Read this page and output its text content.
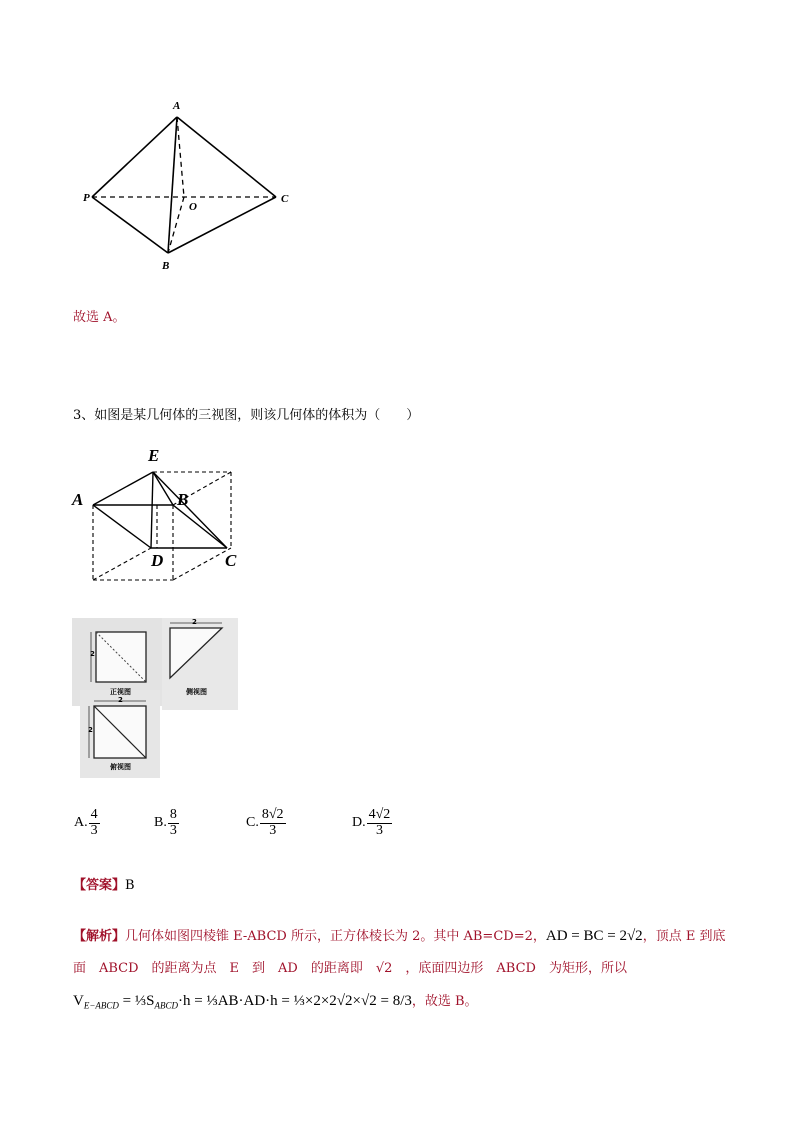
A
P
O
C
B
故选 A。
3、如图是某几何体的三视图，则该几何体的体积为（　　）
E
A	B
D	C
2
2
2
2
正视图	侧视图
俯视图
A. $\frac{4}{3}$	B. $\frac{8}{3}$	C. $\frac{8√2}{3}$	D. $\frac{4√2}{3}$
【答案】B
【解析】几何体如图四棱锥 E-ABCD 所示，正方体棱长为 2。其中 AB=CD=2，AD = BC = 2√2，顶点 E 到底
面　ABCD　的距离为点　E　到　AD　的距离即　√2　，底面四边形　ABCD　为矩形，所以
$V_{E-ABCD}$ = $\frac{1}{3}S_{ABCD}\cdot h$ = ⅓AB·AD·h = ⅓×2×2√2×√2 = 8/3，故选 B。
